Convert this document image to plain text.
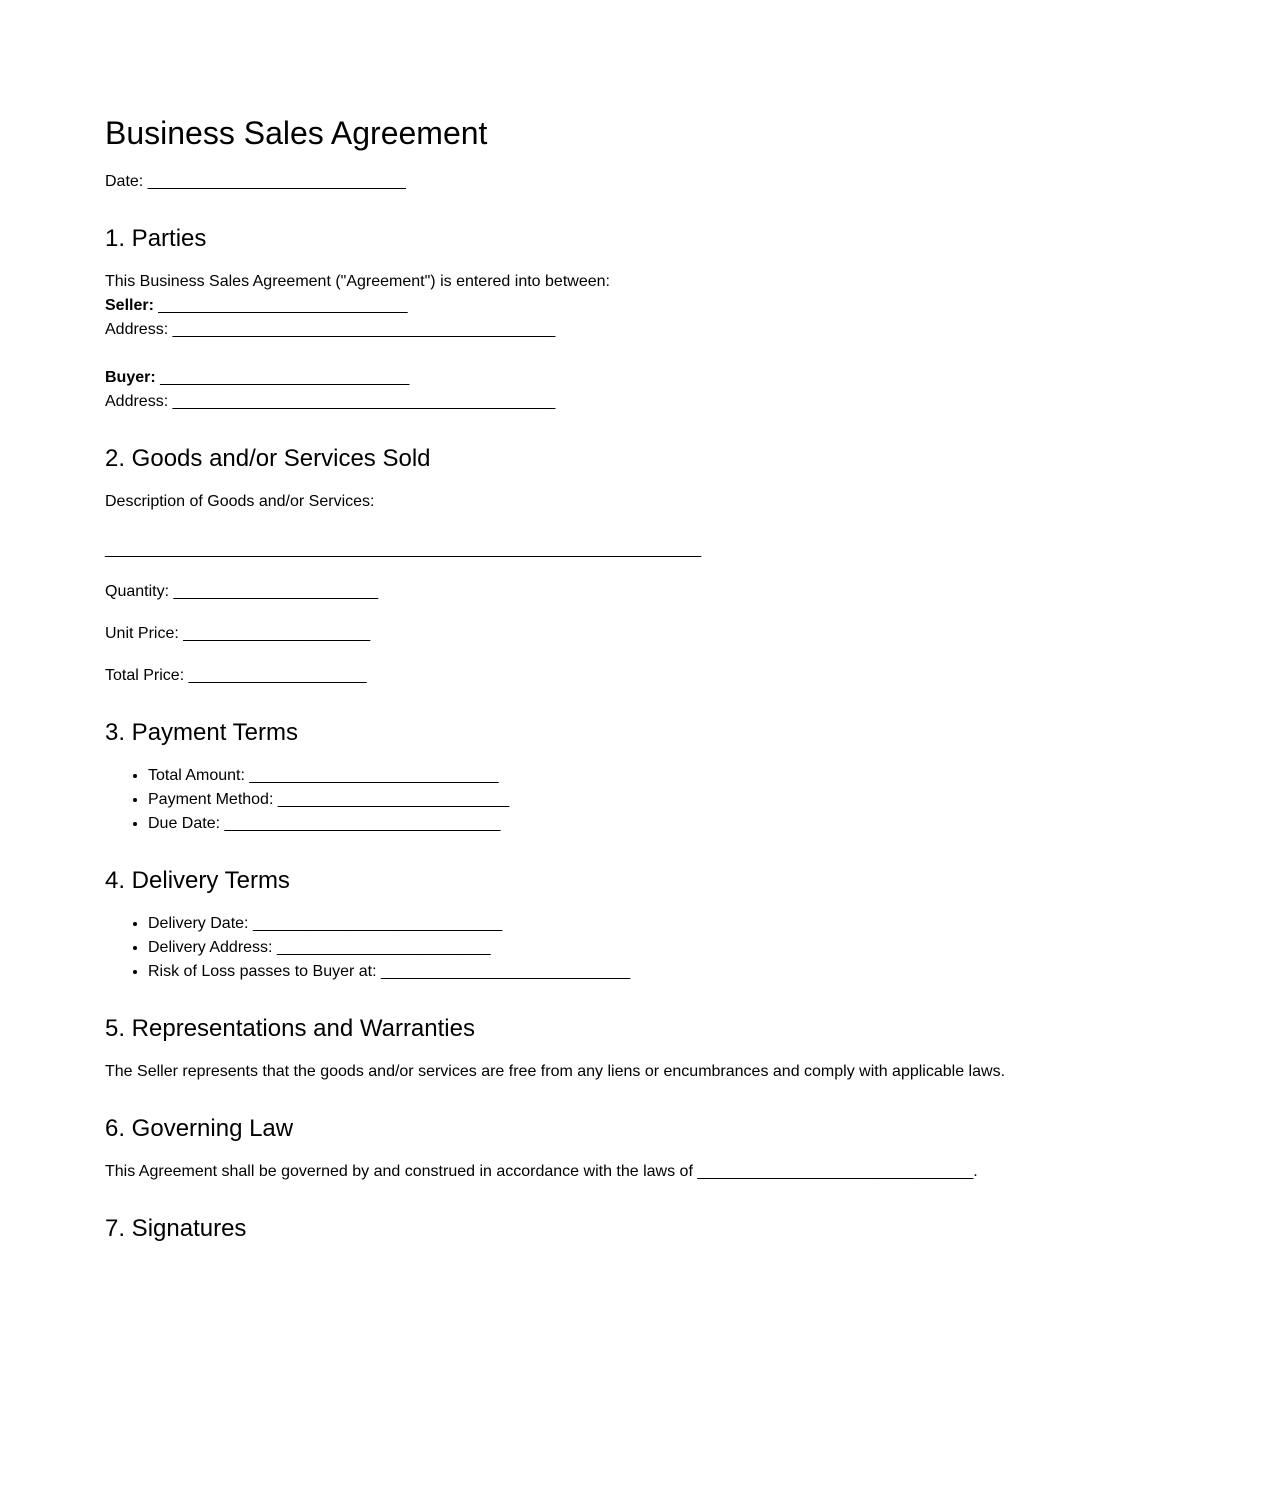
Business Sales Agreement

Date: _____________________________

1. Parties

This Business Sales Agreement ("Agreement") is entered into between:
Seller: ____________________________
Address: ___________________________________________

Buyer: ____________________________
Address: ___________________________________________

2. Goods and/or Services Sold

Description of Goods and/or Services:

___________________________________________________________________

Quantity: _______________________

Unit Price: _____________________

Total Price: ____________________

3. Payment Terms
• Total Amount: ____________________________
• Payment Method: __________________________
• Due Date: _______________________________
4. Delivery Terms
• Delivery Date: ____________________________
• Delivery Address: ________________________
• Risk of Loss passes to Buyer at: ____________________________
5. Representations and Warranties

The Seller represents that the goods and/or services are free from any liens or encumbrances and comply with applicable laws.

6. Governing Law

This Agreement shall be governed by and construed in accordance with the laws of _______________________________.

7. Signatures
